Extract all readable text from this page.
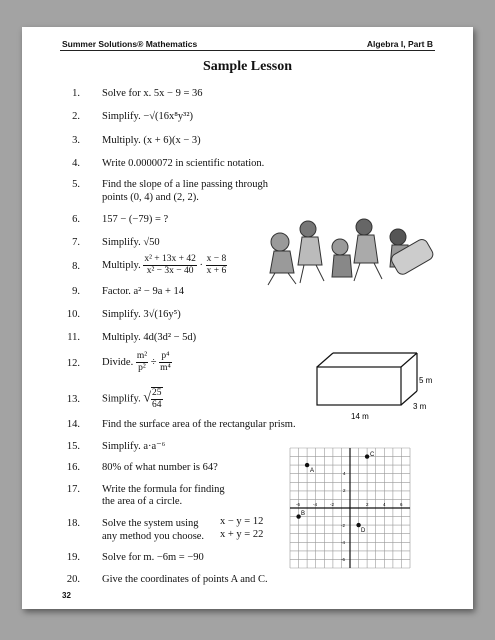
Summer Solutions® Mathematics	Algebra I, Part B
Sample Lesson
1. Solve for x. 5x − 9 = 36
2. Simplify. −√(16x⁸y³²)
3. Multiply. (x + 6)(x − 3)
4. Write 0.0000072 in scientific notation.
5. Find the slope of a line passing through
points (0, 4) and (2, 2).
6. 157 − (−79) = ?
7. Simplify. √50
8. Multiply. $\frac{\text{x² + 13x + 42}}{\text{x² − 3x − 40}} \cdot \frac{x - 8}{x + 6}$
9. Factor. a² − 9a + 14
10. Simplify. 3√(16y⁵)
11. Multiply. 4d(3d² − 5d)
12. Divide. $\frac{\text{m²}}{\text{p²}} \div \frac{\text{p⁴}}{\text{m⁴}}$
13. Simplify. √ $\frac{25}{64}$
14. Find the surface area of the rectangular prism.
15. Simplify. a·a⁻⁶
16. 80% of what number is 64?
17. Write the formula for finding
the area of a circle.
18. Solve the system using x − y = 12
x + y = 22
any method you choose.
19. Solve for m. −6m = −90
20. Give the coordinates of points A and C.
5 m
14 m
3 m
A
B
C
D
-6	-4	-2	2	4	6
4
2
-2
-4
-6
32
